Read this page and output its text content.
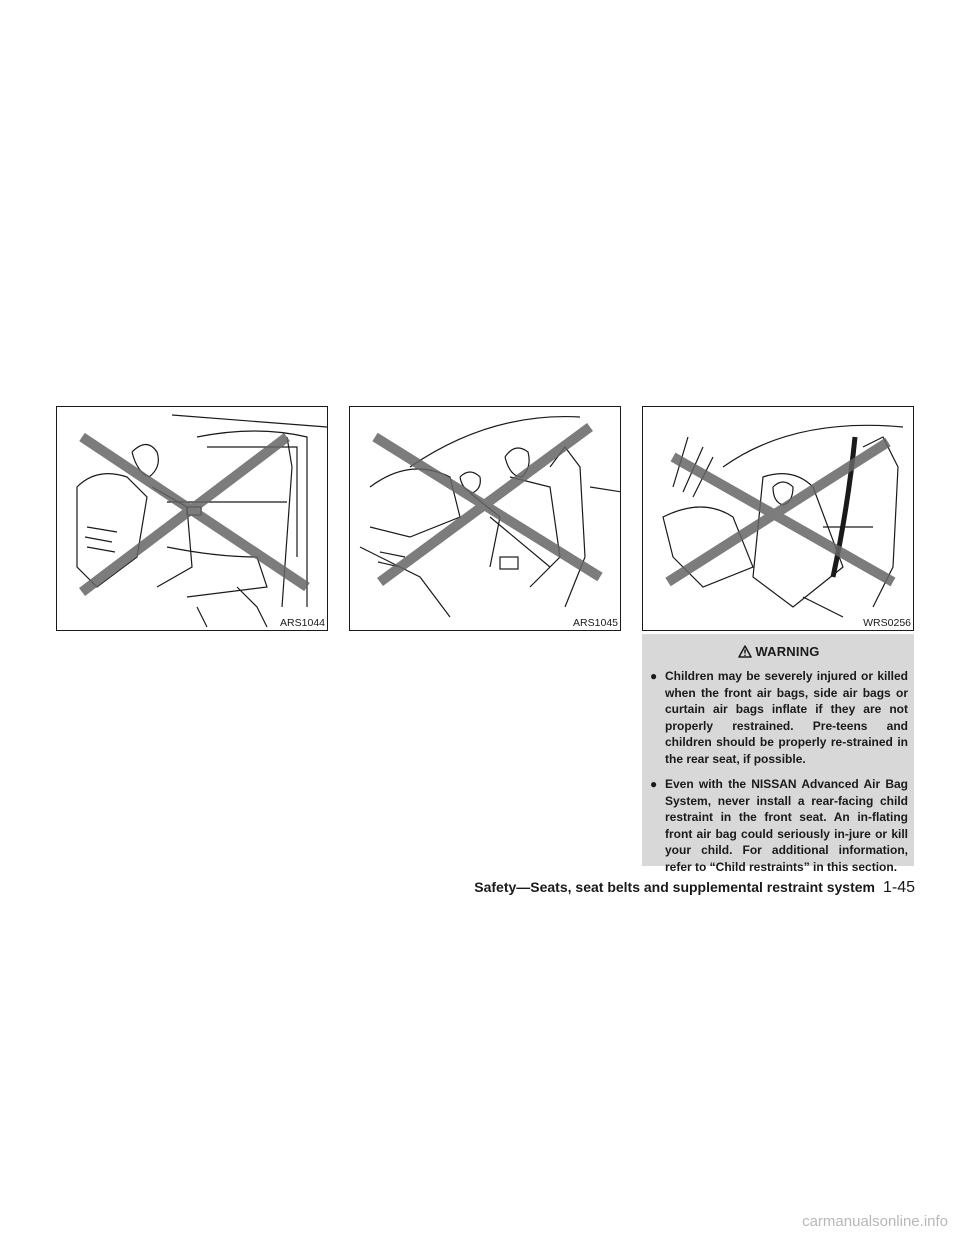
ARS1044	ARS1045	WRS0256
WARNING
● Children may be severely injured or killed when the front air bags, side air bags or curtain air bags inflate if they are not properly restrained. Pre-teens and children should be properly re-strained in the rear seat, if possible.
● Even with the NISSAN Advanced Air Bag System, never install a rear-facing child restraint in the front seat. An in-flating front air bag could seriously in-jure or kill your child. For additional information, refer to “Child restraints” in this section.
Safety—Seats, seat belts and supplemental restraint system 1-45
carmanualsonline.info
